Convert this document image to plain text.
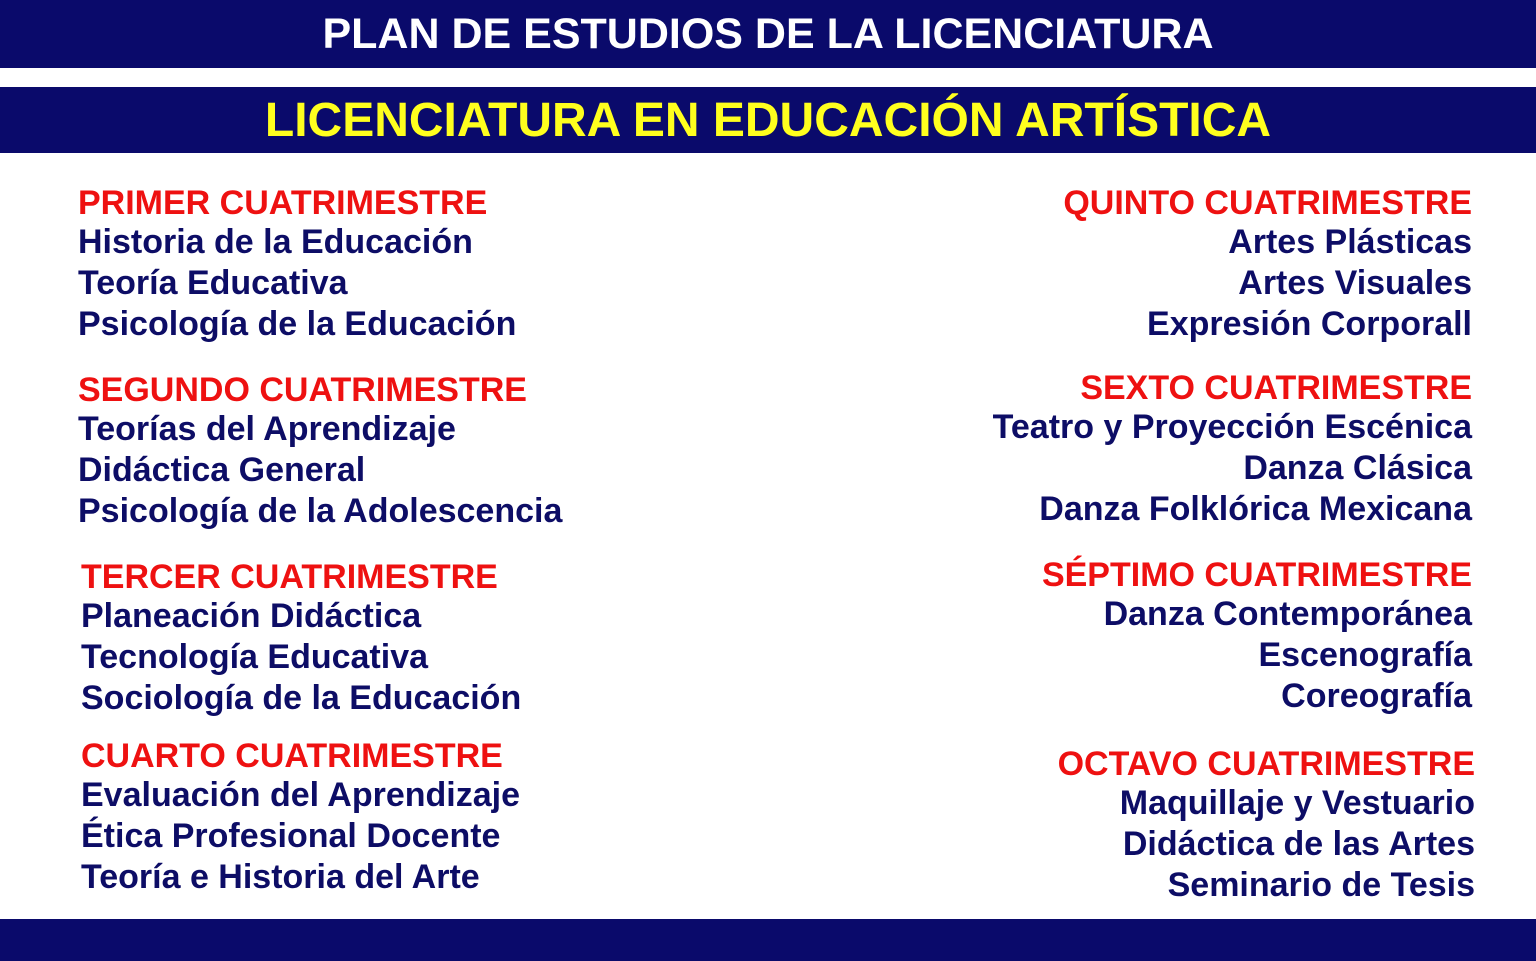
PLAN DE ESTUDIOS DE LA LICENCIATURA
LICENCIATURA EN EDUCACIÓN ARTÍSTICA
PRIMER CUATRIMESTRE
Historia de la Educación
Teoría Educativa
Psicología de la Educación
SEGUNDO CUATRIMESTRE
Teorías del Aprendizaje
Didáctica General
Psicología de la Adolescencia
TERCER CUATRIMESTRE
Planeación Didáctica
Tecnología Educativa
Sociología de la Educación
CUARTO CUATRIMESTRE
Evaluación del Aprendizaje
Ética Profesional Docente
Teoría e Historia del Arte
QUINTO CUATRIMESTRE
Artes Plásticas
Artes Visuales
Expresión Corporall
SEXTO CUATRIMESTRE
Teatro y Proyección Escénica
Danza Clásica
Danza Folklórica Mexicana
SÉPTIMO CUATRIMESTRE
Danza Contemporánea
Escenografía
Coreografía
OCTAVO CUATRIMESTRE
Maquillaje y Vestuario
Didáctica de las Artes
Seminario de Tesis
